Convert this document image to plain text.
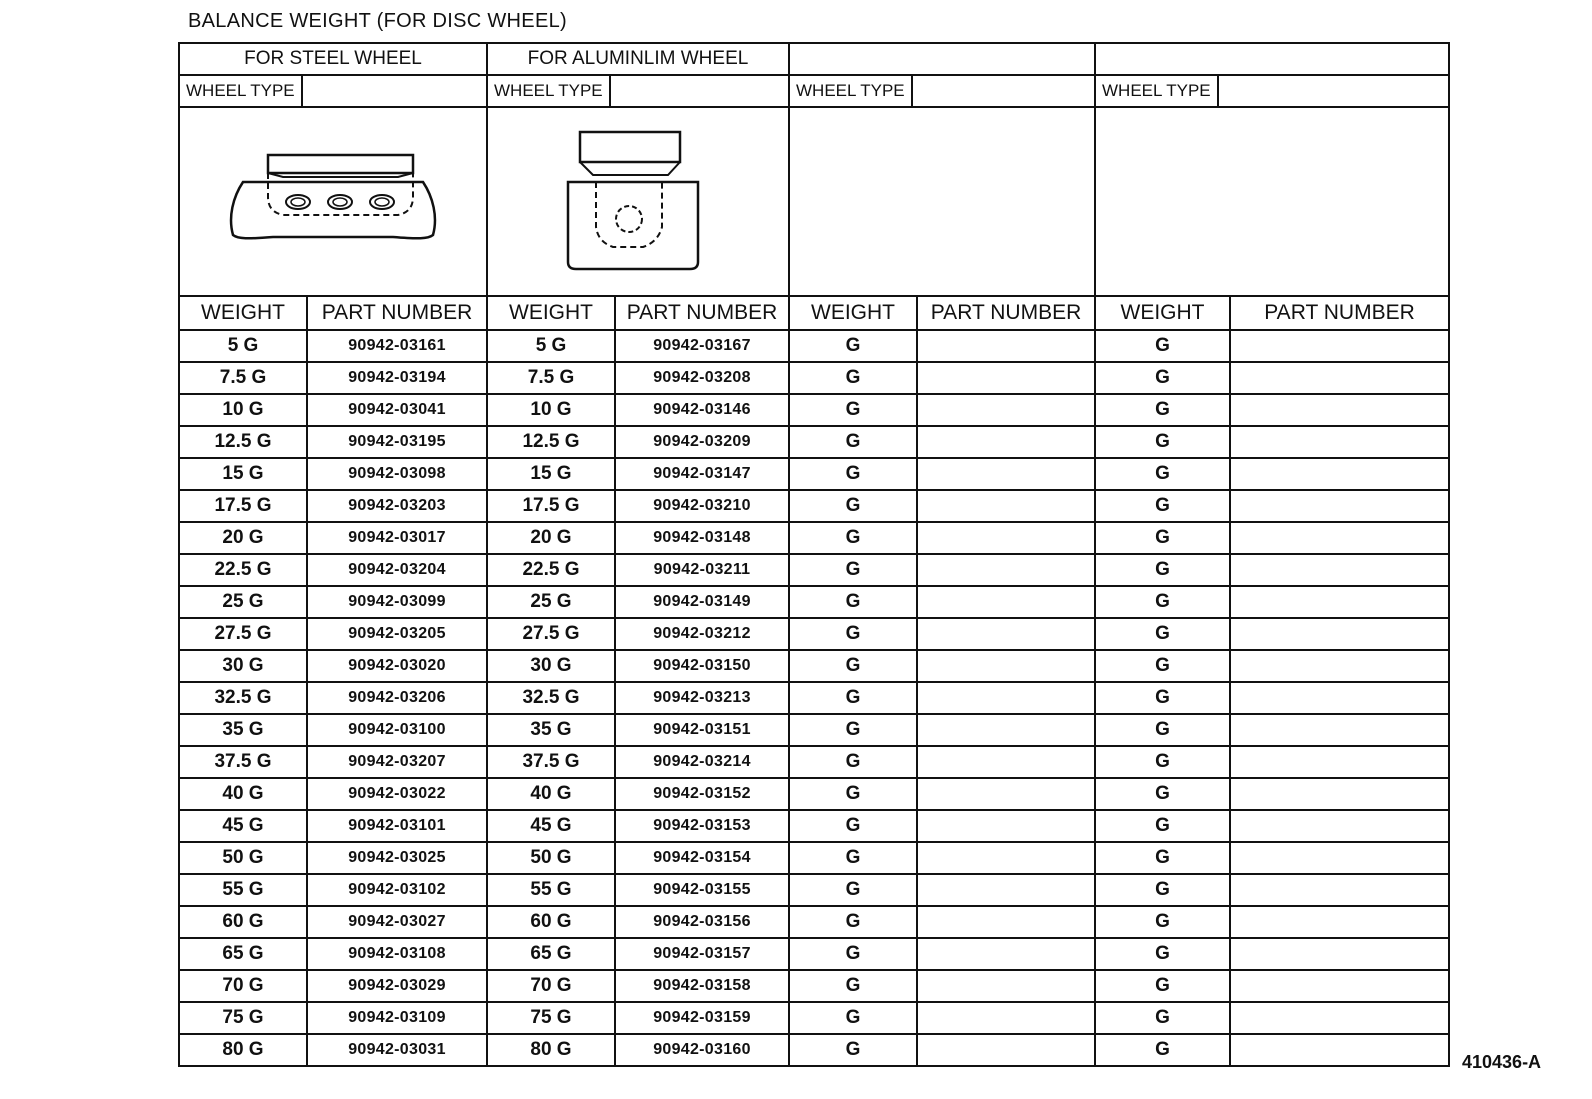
BALANCE WEIGHT (FOR DISC WHEEL)
FOR STEEL WHEEL		FOR ALUMINLIM WHEEL					

WHEEL TYPE		WHEEL TYPE		WHEEL TYPE		WHEEL TYPE	

WEIGHT	PART NUMBER	WEIGHT	PART NUMBER	WEIGHT	PART NUMBER	WEIGHT	PART NUMBER
5 G	90942-03161	5 G	90942-03167	G		G	
7.5 G	90942-03194	7.5 G	90942-03208	G		G	
10 G	90942-03041	10 G	90942-03146	G		G	
12.5 G	90942-03195	12.5 G	90942-03209	G		G	
15 G	90942-03098	15 G	90942-03147	G		G	
17.5 G	90942-03203	17.5 G	90942-03210	G		G	
20 G	90942-03017	20 G	90942-03148	G		G	
22.5 G	90942-03204	22.5 G	90942-03211	G		G	
25 G	90942-03099	25 G	90942-03149	G		G	
27.5 G	90942-03205	27.5 G	90942-03212	G		G	
30 G	90942-03020	30 G	90942-03150	G		G	
32.5 G	90942-03206	32.5 G	90942-03213	G		G	
35 G	90942-03100	35 G	90942-03151	G		G	
37.5 G	90942-03207	37.5 G	90942-03214	G		G	
40 G	90942-03022	40 G	90942-03152	G		G	
45 G	90942-03101	45 G	90942-03153	G		G	
50 G	90942-03025	50 G	90942-03154	G		G	
55 G	90942-03102	55 G	90942-03155	G		G	
60 G	90942-03027	60 G	90942-03156	G		G	
65 G	90942-03108	65 G	90942-03157	G		G	
70 G	90942-03029	70 G	90942-03158	G		G	
75 G	90942-03109	75 G	90942-03159	G		G	
80 G	90942-03031	80 G	90942-03160	G		G	
410436-A
